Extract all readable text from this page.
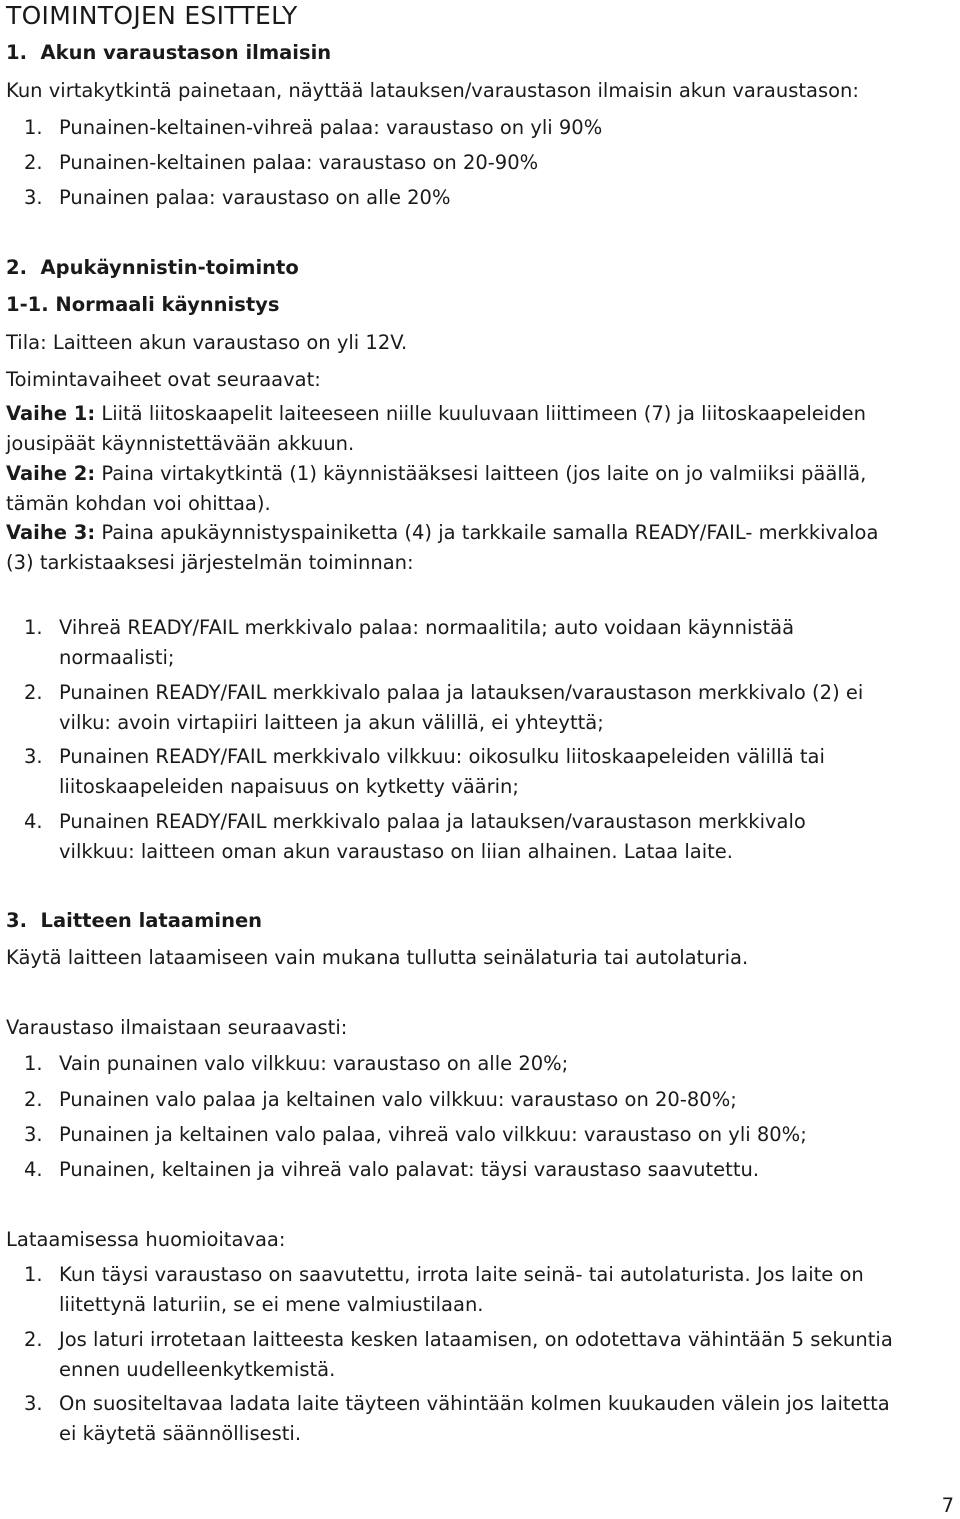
TOIMINTOJEN ESITTELY
1.  Akun varaustason ilmaisin
Kun virtakytkintä painetaan, näyttää latauksen/varaustason ilmaisin akun varaustason:
1. Punainen-keltainen-vihreä palaa: varaustaso on yli 90%
2. Punainen-keltainen palaa: varaustaso on 20-90%
3. Punainen palaa: varaustaso on alle 20%
2.  Apukäynnistin-toiminto
1-1. Normaali käynnistys
Tila: Laitteen akun varaustaso on yli 12V.
Toimintavaiheet ovat seuraavat:
Vaihe 1: Liitä liitoskaapelit laiteeseen niille kuuluvaan liittimeen (7) ja liitoskaapeleiden
jousipäät käynnistettävään akkuun.
Vaihe 2: Paina virtakytkintä (1) käynnistääksesi laitteen (jos laite on jo valmiiksi päällä,
tämän kohdan voi ohittaa).
Vaihe 3: Paina apukäynnistyspainiketta (4) ja tarkkaile samalla READY/FAIL- merkkivaloa
(3) tarkistaaksesi järjestelmän toiminnan:
1. Vihreä READY/FAIL merkkivalo palaa: normaalitila; auto voidaan käynnistää
normaalisti;
2. Punainen READY/FAIL merkkivalo palaa ja latauksen/varaustason merkkivalo (2) ei
vilku: avoin virtapiiri laitteen ja akun välillä, ei yhteyttä;
3. Punainen READY/FAIL merkkivalo vilkkuu: oikosulku liitoskaapeleiden välillä tai
liitoskaapeleiden napaisuus on kytketty väärin;
4. Punainen READY/FAIL merkkivalo palaa ja latauksen/varaustason merkkivalo
vilkkuu: laitteen oman akun varaustaso on liian alhainen. Lataa laite.
3.  Laitteen lataaminen
Käytä laitteen lataamiseen vain mukana tullutta seinälaturia tai autolaturia.
Varaustaso ilmaistaan seuraavasti:
1. Vain punainen valo vilkkuu: varaustaso on alle 20%;
2. Punainen valo palaa ja keltainen valo vilkkuu: varaustaso on 20-80%;
3. Punainen ja keltainen valo palaa, vihreä valo vilkkuu: varaustaso on yli 80%;
4. Punainen, keltainen ja vihreä valo palavat: täysi varaustaso saavutettu.
Lataamisessa huomioitavaa:
1. Kun täysi varaustaso on saavutettu, irrota laite seinä- tai autolaturista. Jos laite on
liitettynä laturiin, se ei mene valmiustilaan.
2. Jos laturi irrotetaan laitteesta kesken lataamisen, on odotettava vähintään 5 sekuntia
ennen uudelleenkytkemistä.
3. On suositeltavaa ladata laite täyteen vähintään kolmen kuukauden välein jos laitetta
ei käytetä säännöllisesti.
7
